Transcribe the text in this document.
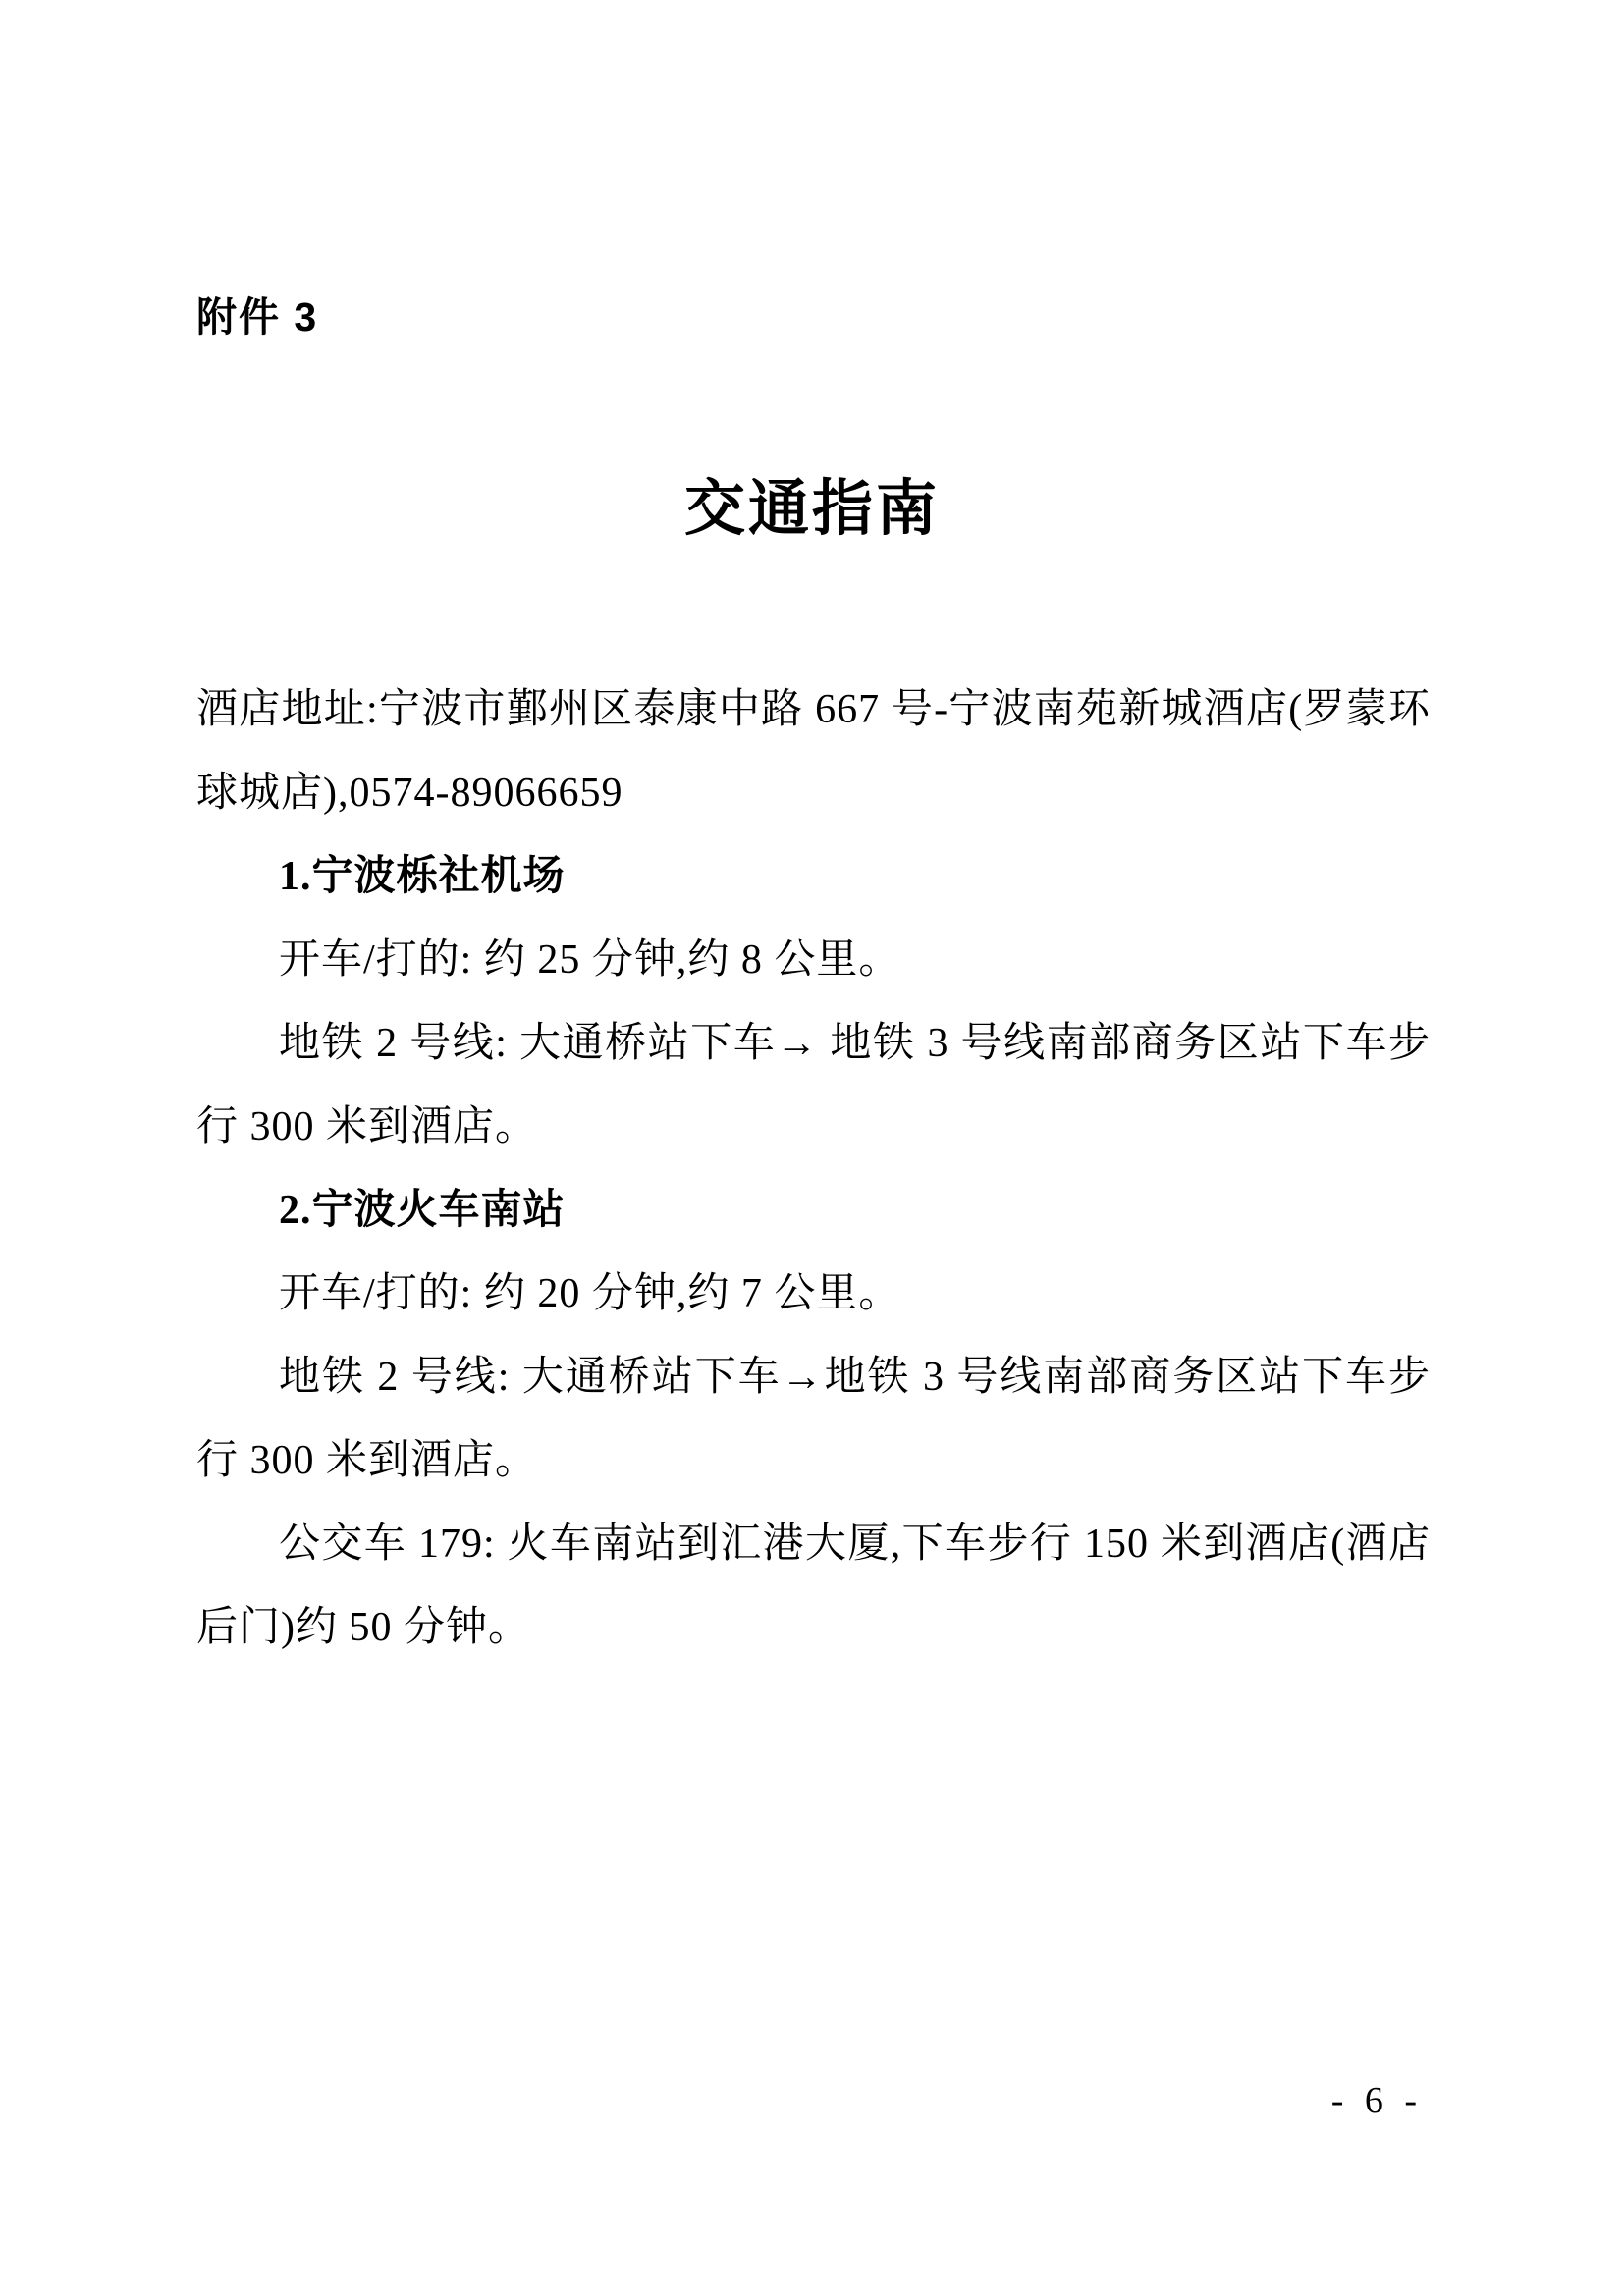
附件 3
交通指南

酒店地址:宁波市鄞州区泰康中路 667 号-宁波南苑新城酒店(罗蒙环球城店),0574-89066659

1.宁波栎社机场

开车/打的: 约 25 分钟,约 8 公里。

地铁 2 号线: 大通桥站下车→ 地铁 3 号线南部商务区站下车步行 300 米到酒店。

2.宁波火车南站

开车/打的: 约 20 分钟,约 7 公里。

地铁 2 号线: 大通桥站下车→地铁 3 号线南部商务区站下车步行 300 米到酒店。

公交车 179: 火车南站到汇港大厦,下车步行 150 米到酒店(酒店后门)约 50 分钟。

- 6 -
